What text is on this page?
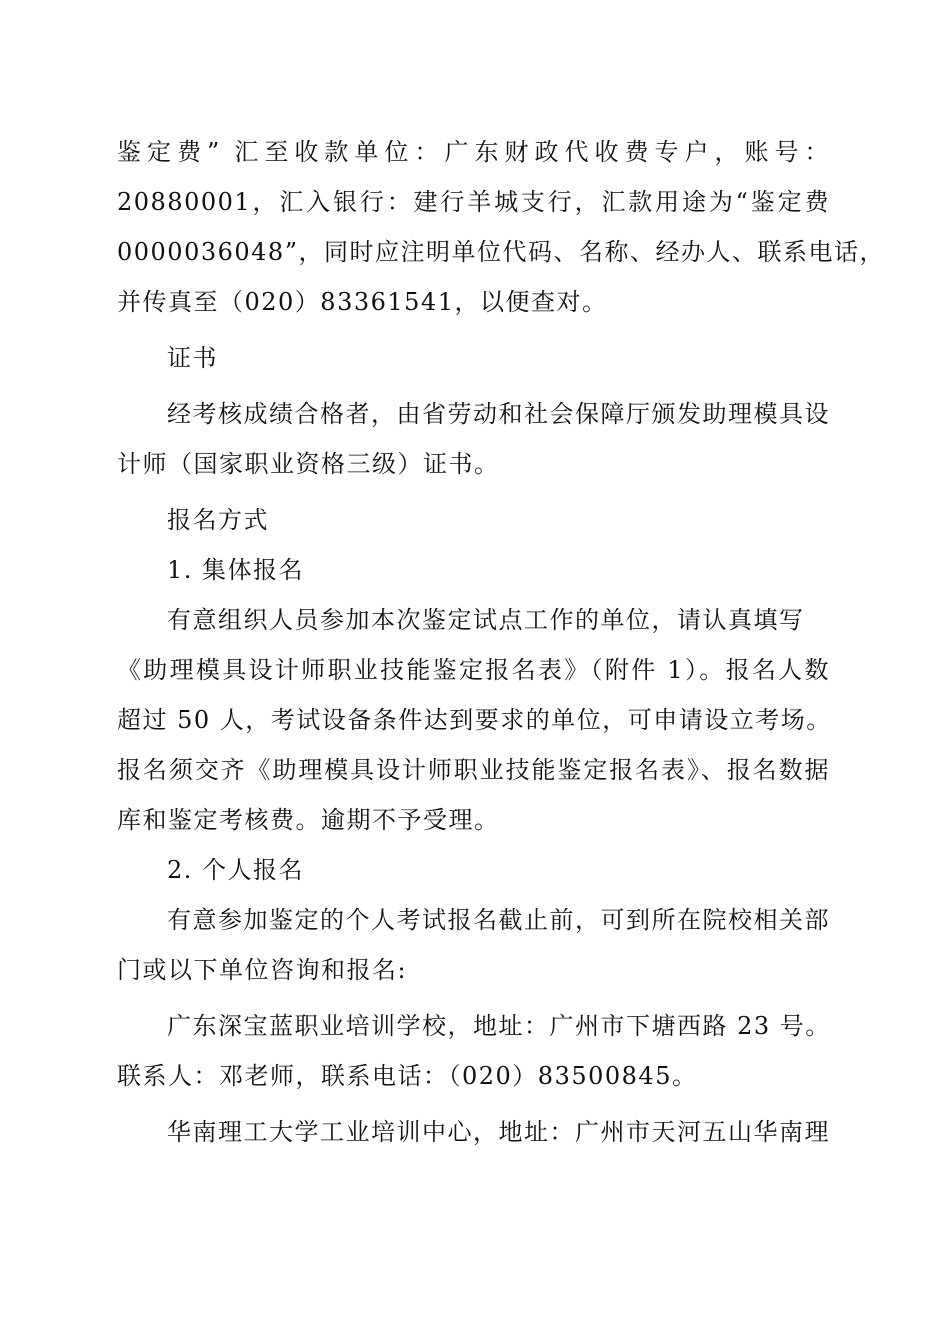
鉴定费” 汇至收款单位：广东财政代收费专户，账号：
20880001，汇入银行：建行羊城支行，汇款用途为“鉴定费
0000036048”，同时应注明单位代码、名称、经办人、联系电话，
并传真至（020）83361541，以便查对。
证书
经考核成绩合格者，由省劳动和社会保障厅颁发助理模具设
计师（国家职业资格三级）证书。
报名方式
1. 集体报名
有意组织人员参加本次鉴定试点工作的单位，请认真填写
《助理模具设计师职业技能鉴定报名表》（附件 1）。报名人数
超过 50 人，考试设备条件达到要求的单位，可申请设立考场。
报名须交齐《助理模具设计师职业技能鉴定报名表》、报名数据
库和鉴定考核费。逾期不予受理。
2. 个人报名
有意参加鉴定的个人考试报名截止前，可到所在院校相关部
门或以下单位咨询和报名:
广东深宝蓝职业培训学校，地址：广州市下塘西路 23 号。
联系人：邓老师，联系电话：（020）83500845。
华南理工大学工业培训中心，地址：广州市天河五山华南理
